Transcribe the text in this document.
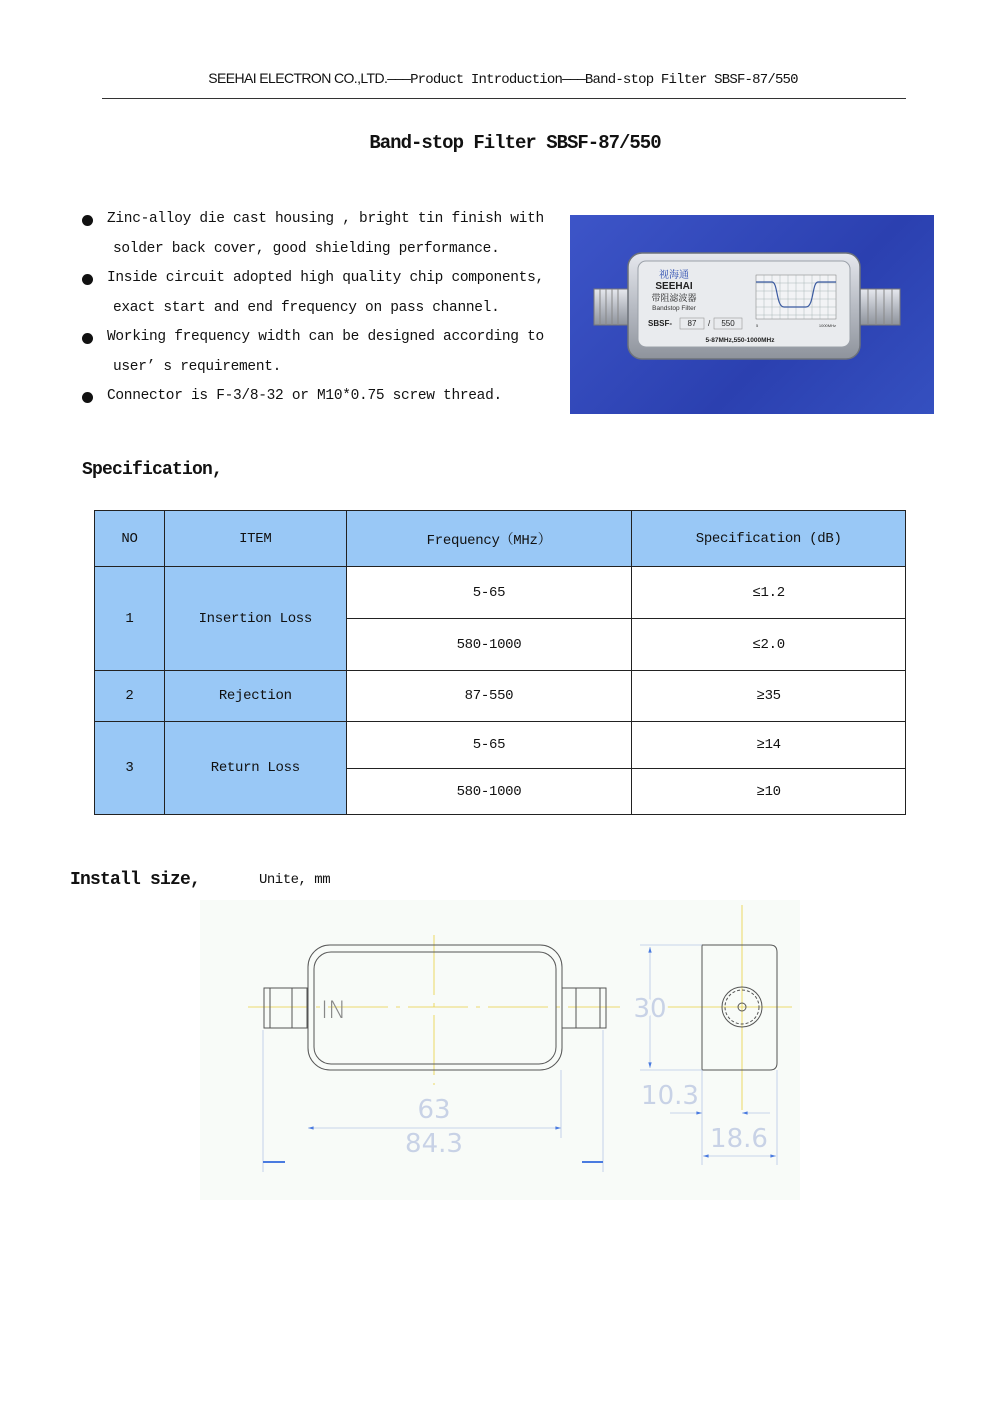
SEEHAI ELECTRON CO.,LTD.———Product Introduction———Band-stop Filter SBSF-87/550
Band-stop Filter SBSF-87/550
Zinc-alloy die cast housing , bright tin finish with

solder back cover, good shielding performance.
Inside circuit adopted high quality chip components,

exact start and end frequency on pass channel.
Working frequency width can be designed according to

user’ s requirement.
Connector is F-3/8-32 or M10*0.75 screw thread.
视海通
SEEHAI
带阻滤波器
Bandstop Filter
SBSF- 87 / 550
5-87MHz,550-1000MHz
5	1000MHz
Specification,
NO	ITEM	Frequency（MHz）	Specification (dB)
1	Insertion Loss	5-65	≤1.2
		580-1000	≤2.0
2	Rejection	87-550	≥35
3	Return Loss	5-65	≥14
		580-1000	≥10
Install size,	Unite, mm
IN
63
84.3
30
10.3
18.6
